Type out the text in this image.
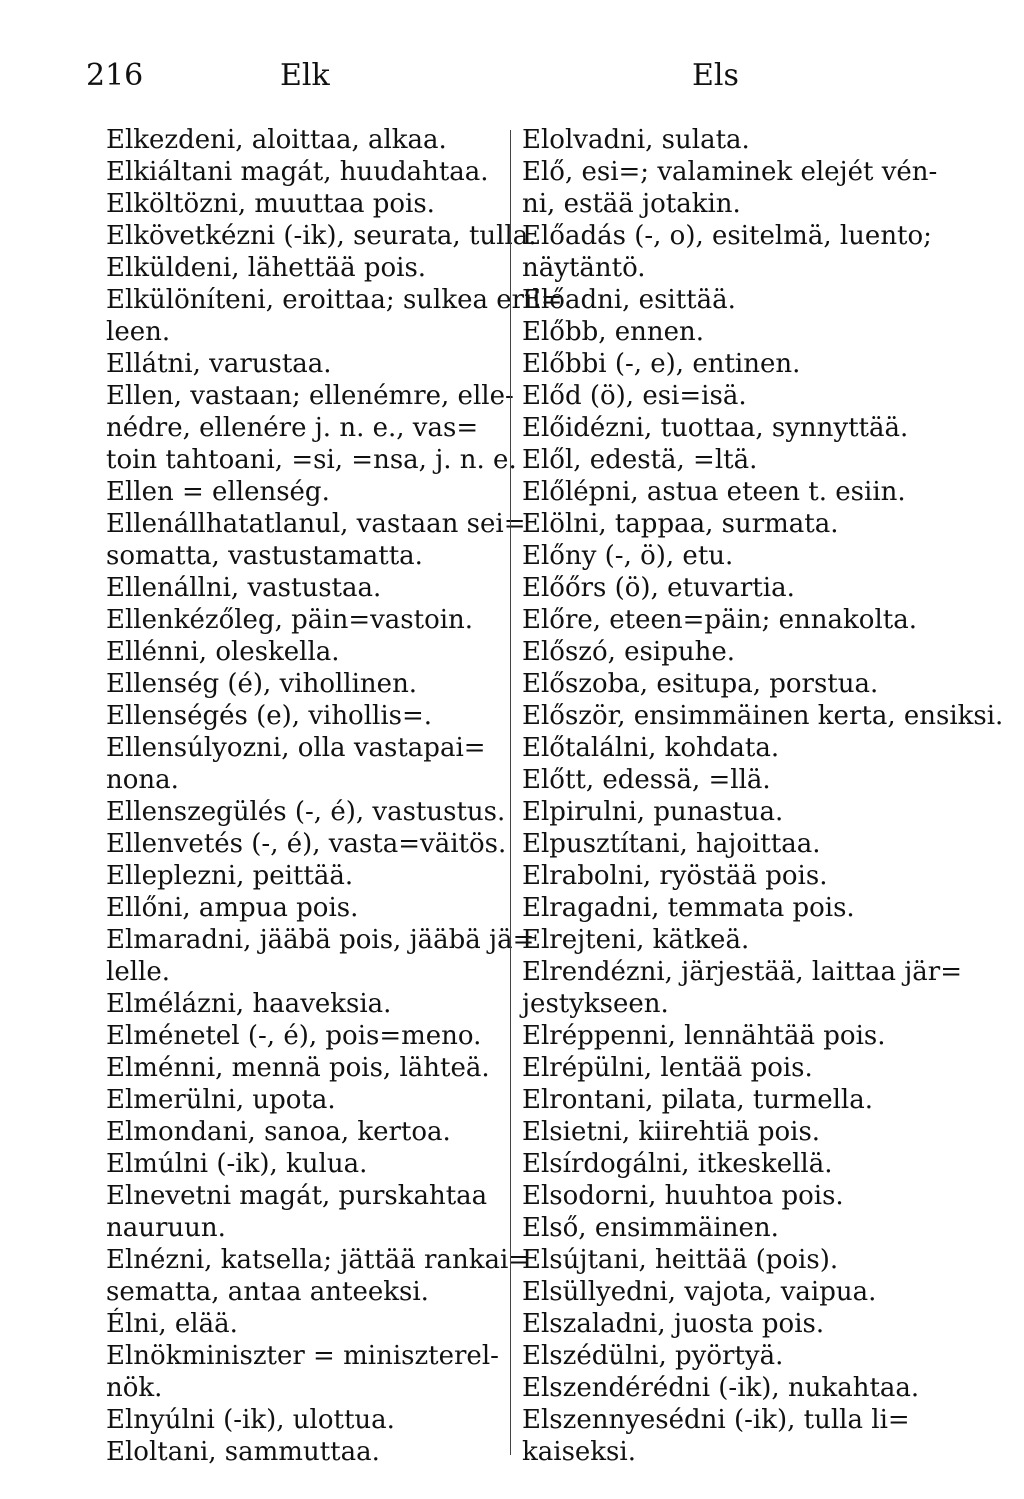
216	Elk	Els
Elkezdeni, aloittaa, alkaa.
Elkiáltani magát, huudahtaa.
Elköltözni, muuttaa pois.
Elkövetkézni (-ik), seurata, tulla.
Elküldeni, lähettää pois.
Elkülöníteni, eroittaa; sulkea eril=
leen.
Ellátni, varustaa.
Ellen, vastaan; ellenémre, elle-
nédre, ellenére j. n. e., vas=
toin tahtoani, =si, =nsa, j. n. e.
Ellen = ellenség.
Ellenállhatatlanul, vastaan sei=
somatta, vastustamatta.
Ellenállni, vastustaa.
Ellenkézőleg, päin=vastoin.
Ellénni, oleskella.
Ellenség (é), vihollinen.
Ellenségés (e), vihollis=.
Ellensúlyozni, olla vastapai=
nona.
Ellenszegülés (-, é), vastustus.
Ellenvetés (-, é), vasta=väitös.
Elleplezni, peittää.
Ellőni, ampua pois.
Elmaradni, jääbä pois, jääbä jä=
lelle.
Elmélázni, haaveksia.
Elménetel (-, é), pois=meno.
Elménni, mennä pois, lähteä.
Elmerülni, upota.
Elmondani, sanoa, kertoa.
Elmúlni (-ik), kulua.
Elnevetni magát, purskahtaa
nauruun.
Elnézni, katsella; jättää rankai=
sematta, antaa anteeksi.
Élni, elää.
Elnökminiszter = miniszterel-
nök.
Elnyúlni (-ik), ulottua.
Eloltani, sammuttaa.
Elolvadni, sulata.
Elő, esi=; valaminek elejét vén-
ni, estää jotakin.
Előadás (-, o), esitelmä, luento;
näytäntö.
Előadni, esittää.
Előbb, ennen.
Előbbi (-, e), entinen.
Előd (ö), esi=isä.
Előidézni, tuottaa, synnyttää.
Elől, edestä, =ltä.
Előlépni, astua eteen t. esiin.
Elölni, tappaa, surmata.
Előny (-, ö), etu.
Előőrs (ö), etuvartia.
Előre, eteen=päin; ennakolta.
Előszó, esipuhe.
Előszoba, esitupa, porstua.
Először, ensimmäinen kerta, ensiksi.
Előtalálni, kohdata.
Előtt, edessä, =llä.
Elpirulni, punastua.
Elpusztítani, hajoittaa.
Elrabolni, ryöstää pois.
Elragadni, temmata pois.
Elrejteni, kätkeä.
Elrendézni, järjestää, laittaa jär=
jestykseen.
Elréppenni, lennähtää pois.
Elrépülni, lentää pois.
Elrontani, pilata, turmella.
Elsietni, kiirehtiä pois.
Elsírdogálni, itkeskellä.
Elsodorni, huuhtoa pois.
Első, ensimmäinen.
Elsújtani, heittää (pois).
Elsüllyedni, vajota, vaipua.
Elszaladni, juosta pois.
Elszédülni, pyörtyä.
Elszendérédni (-ik), nukahtaa.
Elszennyesédni (-ik), tulla li=
kaiseksi.
